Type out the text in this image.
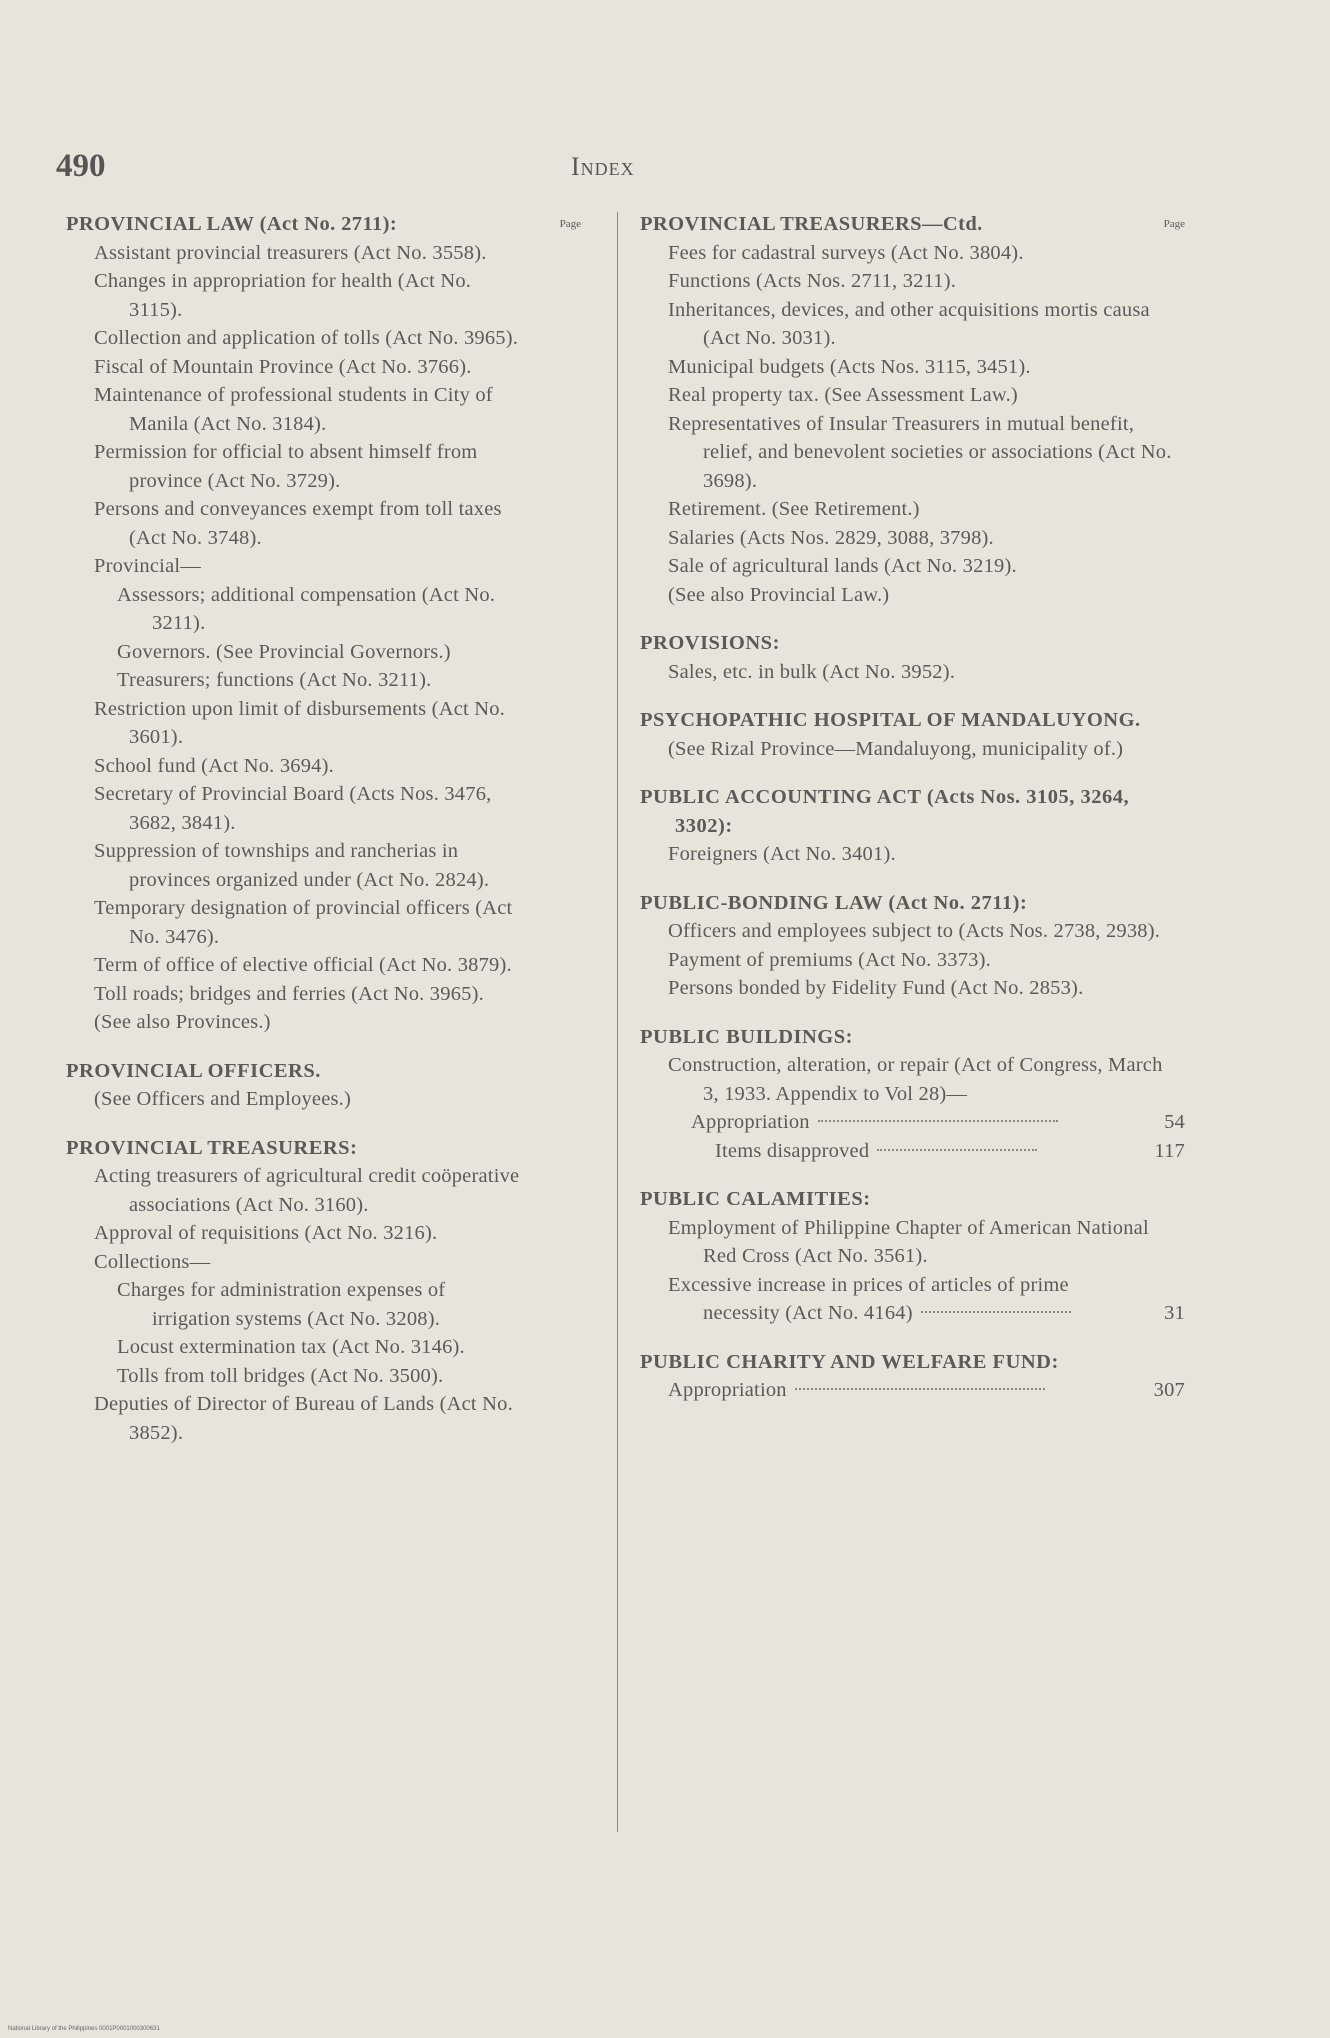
490	Index
PROVINCIAL LAW (Act No. 2711):	Page
Assistant provincial treasurers (Act No. 3558).
Changes in appropriation for health (Act No. 3115).
Collection and application of tolls (Act No. 3965).
Fiscal of Mountain Province (Act No. 3766).
Maintenance of professional students in City of Manila (Act No. 3184).
Permission for official to absent himself from province (Act No. 3729).
Persons and conveyances exempt from toll taxes (Act No. 3748).
Provincial—
Assessors; additional compensation (Act No. 3211).
Governors. (See Provincial Governors.)
Treasurers; functions (Act No. 3211).
Restriction upon limit of disbursements (Act No. 3601).
School fund (Act No. 3694).
Secretary of Provincial Board (Acts Nos. 3476, 3682, 3841).
Suppression of townships and rancherias in provinces organized under (Act No. 2824).
Temporary designation of provincial officers (Act No. 3476).
Term of office of elective official (Act No. 3879).
Toll roads; bridges and ferries (Act No. 3965).
(See also Provinces.)
PROVINCIAL OFFICERS.
(See Officers and Employees.)
PROVINCIAL TREASURERS:
Acting treasurers of agricultural credit coöperative associations (Act No. 3160).
Approval of requisitions (Act No. 3216).
Collections—
Charges for administration expenses of irrigation systems (Act No. 3208).
Locust extermination tax (Act No. 3146).
Tolls from toll bridges (Act No. 3500).
Deputies of Director of Bureau of Lands (Act No. 3852).
PROVINCIAL TREASURERS—Ctd.	Page
Fees for cadastral surveys (Act No. 3804).
Functions (Acts Nos. 2711, 3211).
Inheritances, devices, and other acquisitions mortis causa (Act No. 3031).
Municipal budgets (Acts Nos. 3115, 3451).
Real property tax. (See Assessment Law.)
Representatives of Insular Treasurers in mutual benefit, relief, and benevolent societies or associations (Act No. 3698).
Retirement. (See Retirement.)
Salaries (Acts Nos. 2829, 3088, 3798).
Sale of agricultural lands (Act No. 3219).
(See also Provincial Law.)
PROVISIONS:
Sales, etc. in bulk (Act No. 3952).
PSYCHOPATHIC HOSPITAL OF MANDALUYONG.
(See Rizal Province—Mandaluyong, municipality of.)
PUBLIC ACCOUNTING ACT (Acts Nos. 3105, 3264, 3302):
Foreigners (Act No. 3401).
PUBLIC-BONDING LAW (Act No. 2711):
Officers and employees subject to (Acts Nos. 2738, 2938).
Payment of premiums (Act No. 3373).
Persons bonded by Fidelity Fund (Act No. 2853).
PUBLIC BUILDINGS:
Construction, alteration, or repair (Act of Congress, March 3, 1933. Appendix to Vol 28)—
Appropriation	54
Items disapproved	117
PUBLIC CALAMITIES:
Employment of Philippine Chapter of American National Red Cross (Act No. 3561).
Excessive increase in prices of articles of prime necessity (Act No. 4164)	31
PUBLIC CHARITY AND WELFARE FUND:
Appropriation	307
National Library of the Philippines 0001P0001000300631
